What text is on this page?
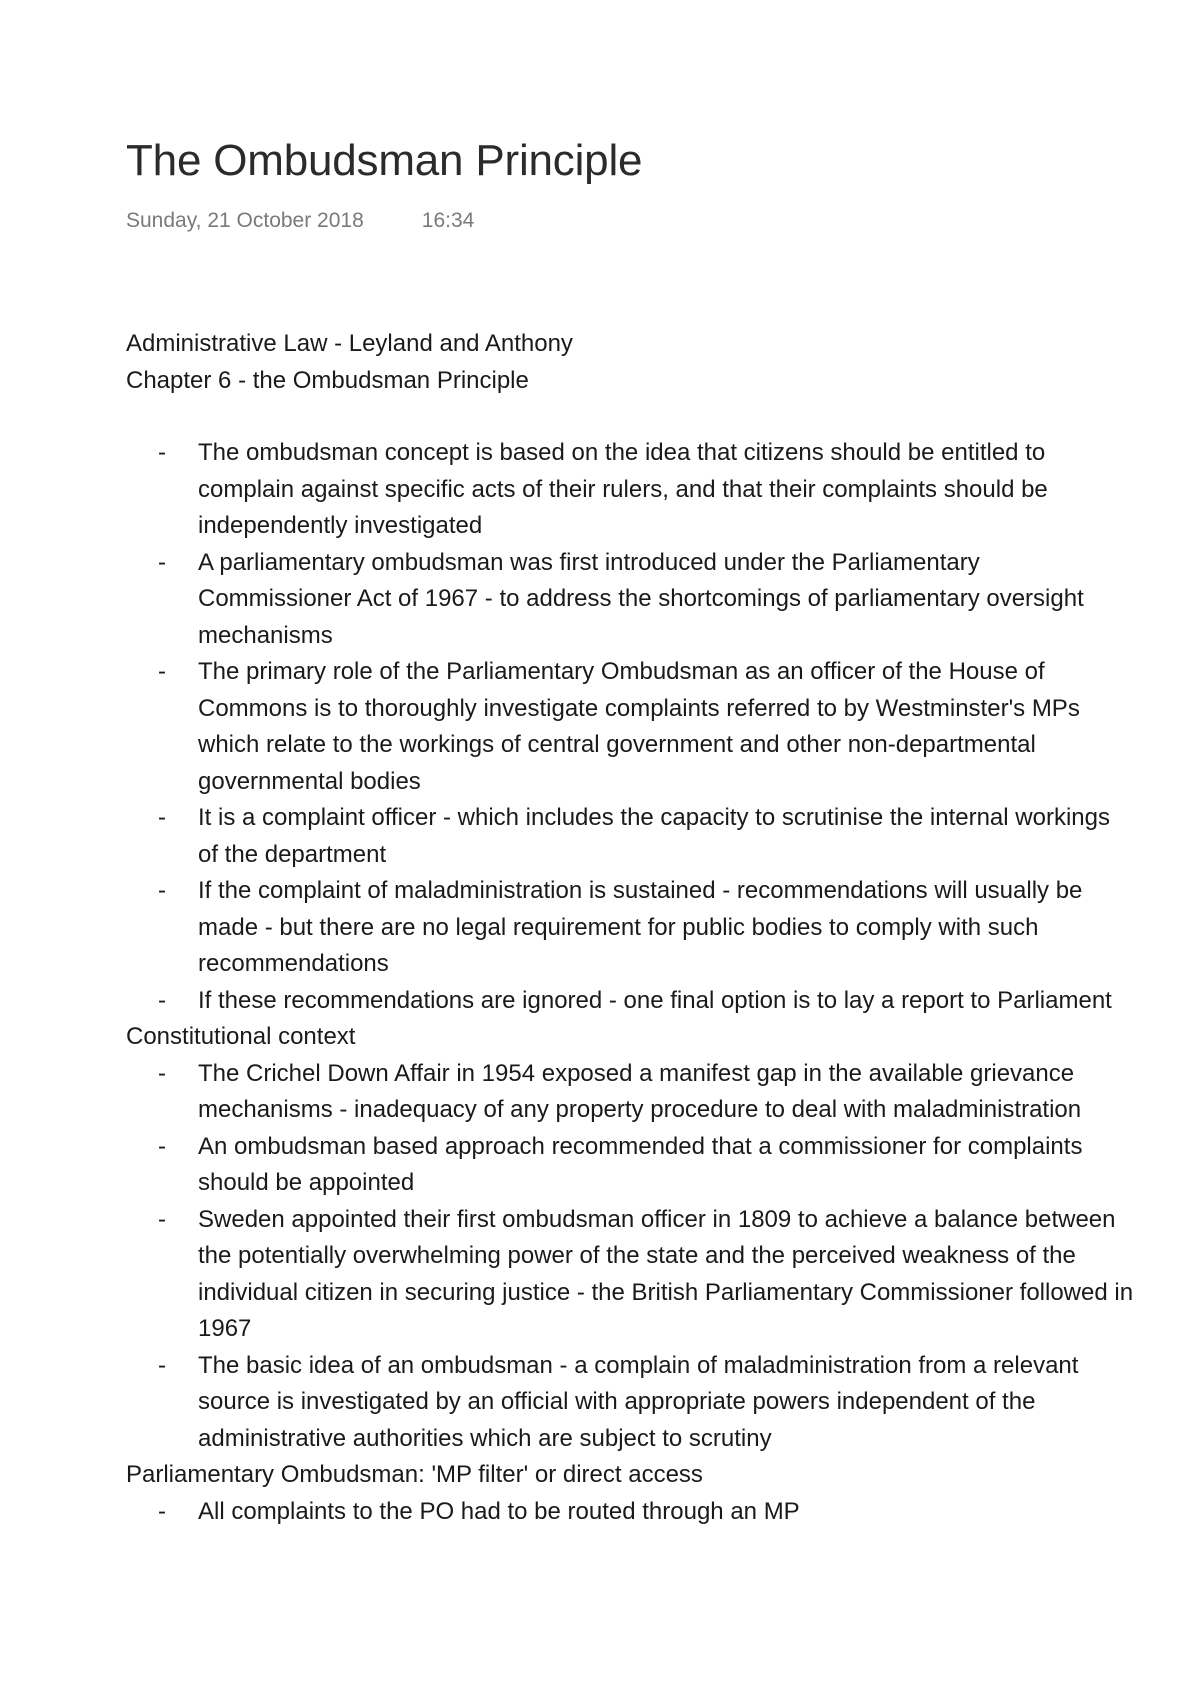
The Ombudsman Principle
Sunday, 21 October 2018	16:34

Administrative Law - Leyland and Anthony

Chapter 6 - the Ombudsman Principle

- The ombudsman concept is based on the idea that citizens should be entitled to complain against specific acts of their rulers, and that their complaints should be independently investigated
- A parliamentary ombudsman was first introduced under the Parliamentary Commissioner Act of 1967 - to address the shortcomings of parliamentary oversight mechanisms
- The primary role of the Parliamentary Ombudsman as an officer of the House of Commons is to thoroughly investigate complaints referred to by Westminster's MPs which relate to the workings of central government and other non-departmental governmental bodies
- It is a complaint officer - which includes the capacity to scrutinise the internal workings of the department
- If the complaint of maladministration is sustained - recommendations will usually be made - but there are no legal requirement for public bodies to comply with such recommendations
- If these recommendations are ignored - one final option is to lay a report to Parliament

Constitutional context

- The Crichel Down Affair in 1954 exposed a manifest gap in the available grievance mechanisms - inadequacy of any property procedure to deal with maladministration
- An ombudsman based approach recommended that a commissioner for complaints should be appointed
- Sweden appointed their first ombudsman officer in 1809 to achieve a balance between the potentially overwhelming power of the state and the perceived weakness of the individual citizen in securing justice - the British Parliamentary Commissioner followed in 1967
- The basic idea of an ombudsman - a complain of maladministration from a relevant source is investigated by an official with appropriate powers independent of the administrative authorities which are subject to scrutiny

Parliamentary Ombudsman: 'MP filter' or direct access

- All complaints to the PO had to be routed through an MP
